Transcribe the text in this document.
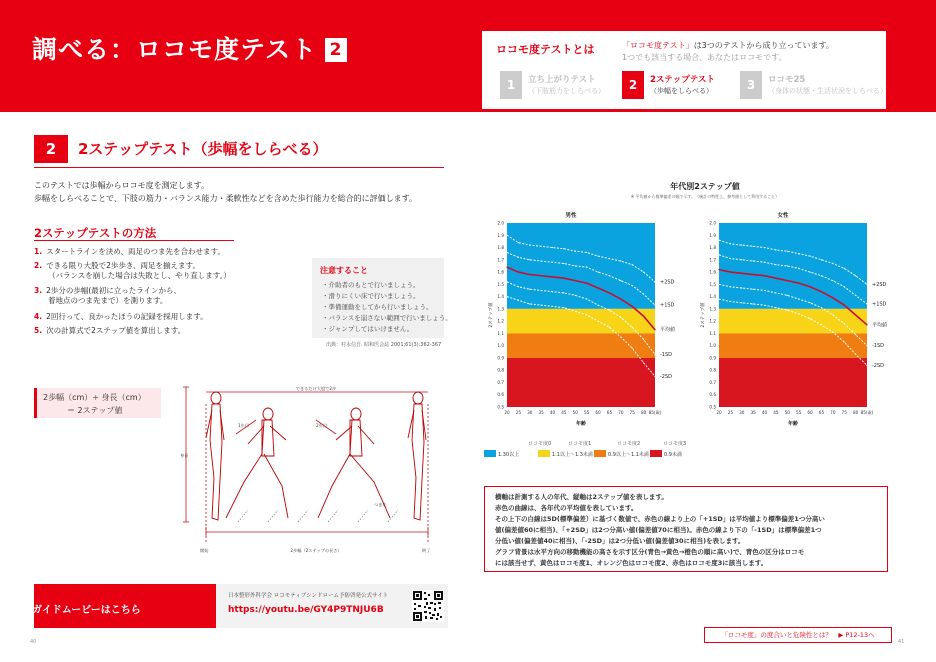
調べる：ロコモ度テスト 2	ロコモ度テストとは	「ロコモ度テスト」は3つのテストから成り立っています。
1つでも該当する場合、あなたはロコモです。
1	立ち上がりテスト
（下肢筋力をしらべる）	2	2ステップテスト
（歩幅をしらべる）	3	ロコモ25
（身体の状態・生活状況をしらべる）
2	2ステップテスト（歩幅をしらべる）
このテストでは歩幅からロコモ度を測定します。
歩幅をしらべることで、下肢の筋力・バランス能力・柔軟性などを含めた歩行能力を総合的に評価します。
2ステップテストの方法
1. スタートラインを決め、両足のつま先を合わせます。
2. できる限り大股で2歩歩き、両足を揃えます。
（バランスを崩した場合は失敗とし、やり直します。）
3. 2歩分の歩幅(最初に立ったラインから、
着地点のつま先まで）を測ります。
4. 2回行って、良かったほうの記録を採用します。
5. 次の計算式で2ステップ値を算出します。
注意すること
・介助者のもとで行いましょう。
・滑りにくい床で行いましょう。
・準備運動をしてから行いましょう。
・バランスを崩さない範囲で行いましょう。
・ジャンプしてはいけません。
出典：村永信吾. 昭和医会誌 2001;61(3):362-367
2歩幅（cm）÷ 身長（cm）
＝ 2ステップ値
できるだけ大股で2歩
1歩目	2歩目
身長
開始	終了
2歩幅（2ステップの長さ）
つま先
年代別2ステップ値
※ 平均値から標準偏差の幅で示す。（統計の特性上、参考値として利用すること）
2.0
1.9
1.8
1.7
1.6
1.5
1.4
1.3
1.2
1.1
1.0
0.9
0.8
0.7
0.6
0.5
20 25 30 35 40 45 50 55 60 65 70 75 80 85(歳)
男性
年齢
2ステップ値
+2SD
+1SD
平均値
-1SD
-2SD
2.0
1.9
1.8
1.7
1.6
1.5
1.4
1.3
1.2
1.1
1.0
0.9
0.8
0.7
0.6
0.5
20 25 30 35 40 45 50 55 60 65 70 75 80 85(歳)
女性
年齢
2ステップ値
+2SD
+1SD
平均値
-1SD
-2SD
ロコモ度0	ロコモ度1	ロコモ度2	ロコモ度3
1.30以上	1.1以上～1.3未満	0.9以上～1.1未満	0.9未満
横軸は計測する人の年代、縦軸は2ステップ値を表します。
赤色の曲線は、各年代の平均値を表しています。
その上下の白線は5D(標準偏差）に基づく数値で、赤色の線より上の「+1SD」は平均値より標準偏差1つ分高い
値(偏差値60に相当)、「+2SD」は2つ分高い値(偏差値70に相当)。赤色の線より下の「-1SD」は標準偏差1つ
分低い値(偏差値40に相当)、「-2SD」は2つ分低い値(偏差値30に相当)を表します。
グラフ背景は水平方向の移動機能の高さを示す区分(青色→黄色→橙色の順に高い)で、青色の区分はロコモ
には該当せず、黄色はロコモ度1、オレンジ色はロコモ度2、赤色はロコモ度3に該当します。
ガイドムービーはこちら
日本整形外科学会 ロコモティブシンドローム予防啓発公式サイト
https://youtu.be/GY4P9TNJU6B
「ロコモ度」の度合いと危険性とは？　▶ P12-13へ
40	41
